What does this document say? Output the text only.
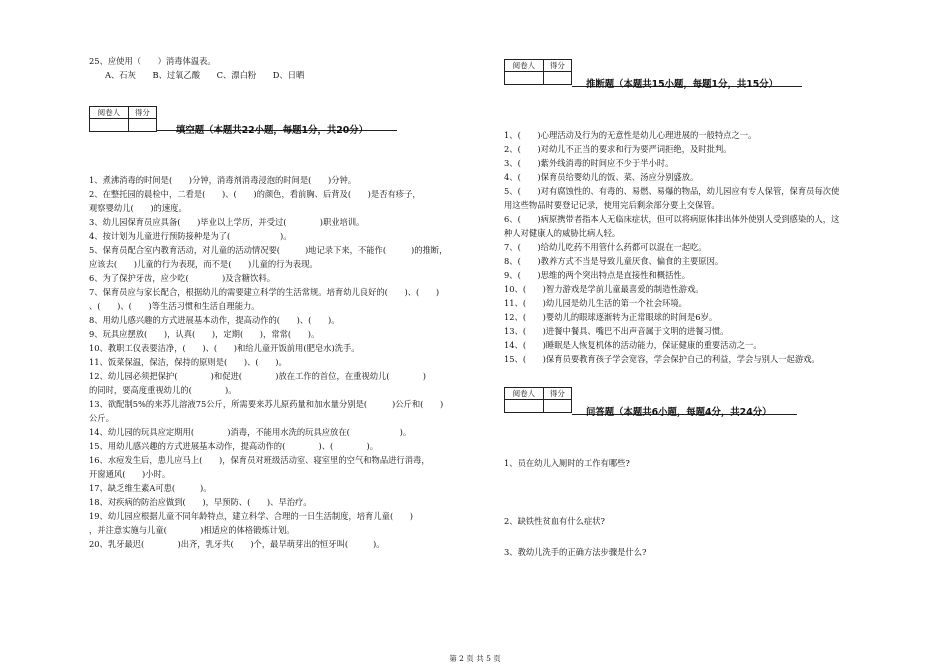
25、应使用（　　）消毒体温表。
A、石灰　　B、过氧乙酸　　C、漂白粉　　D、日晒
阅卷人	得分

填空题（本题共22小题，每题1分，共20分）
1、煮沸消毒的时间是(　　)分钟，消毒剂消毒浸泡的时间是(　　)分钟。
2、在整托园的晨检中，二看是(　　)、(　　)的颜色，看前胸、后背及(　　)是否有疹子，
观察婴幼儿(　　)的速度。
3、幼儿园保育员应具备(　　)毕业以上学历，并受过(　　　　)职业培训。
4、按计划为儿童进行预防接种是为了(　　　　　　)。
5、保育员配合室内教育活动，对儿童的活动情况要(　　　)地记录下来，不能作(　　　)的推断，
应该去(　　)儿童的行为表现，而不是(　　)儿童的行为表现。
6、为了保护牙齿，应少吃(　　　　)及含糖饮料。
7、保育员应与家长配合，根据幼儿的需要建立科学的生活常规。培育幼儿良好的(　　)、(　　)
、(　　)、(　　)等生活习惯和生活自理能力。
8、用幼儿感兴趣的方式进展基本动作，提高动作的(　　)、(　　)。
9、玩具应摆放(　　)，认真(　　)，定期(　　)，常常(　　)。
10、教职工仪表要洁净，(　　)、(　　)和给儿童开饭前用(肥皂水)洗手。
11、饭菜保温，保洁，保持的原则是(　　)、(　　)。
12、幼儿园必须把保护(　　　　)和促进(　　　　)放在工作的首位，在重视幼儿(　　　　)
的同时，要高度重视幼儿的(　　　　)。
13、欲配制5%的来苏儿溶液75公斤，所需要来苏儿原药量和加水量分别是(　　　)公斤和(　　)
公斤。
14、幼儿园的玩具应定期用(　　　　)消毒，不能用水洗的玩具应放在(　　　　　　)。
15、用幼儿感兴趣的方式进展基本动作，提高动作的(　　　　)、(　　　　)。
16、水痘发生后，患儿应马上(　　)，保育员对班级活动室、寝室里的空气和物品进行消毒，
开窗通风(　　)小时。
17、缺乏维生素A可患(　　　)。
18、对疾病的防治应做到(　　)，早预防、(　　)、早治疗。
19、幼儿园应根据儿童不同年龄特点，建立科学、合理的一日生活制度，培育儿童(　　)
，并注意实施与儿童(　　　　)相适应的体格锻炼计划。
20、乳牙最迟(　　　　)出齐，乳牙共(　　)个，最早萌芽出的恒牙叫(　　　)。
阅卷人	得分

推断题（本题共15小题，每题1分，共15分）
1、(　　)心理活动及行为的无意性是幼儿心理进展的一般特点之一。
2、(　　)对幼儿不正当的要求和行为要严词拒绝，及时批判。
3、(　　)紫外线消毒的时间应不少于半小时。
4、(　　)保育员给婴幼儿的饭、菜、汤应分别盛放。
5、(　　)对有腐蚀性的、有毒的、易燃、易爆的物品，幼儿园应有专人保管，保育员每次使
用这些物品时要登记记录，使用完后剩余部分要上交保管。
6、(　　)病原携带者指本人无临床症状，但可以将病原体排出体外使别人受到感染的人，这
种人对健康人的威胁比病人轻。
7、(　　)给幼儿吃药不用管什么药都可以混在一起吃。
8、(　　)教养方式不当是导致儿童厌食、偏食的主要原因。
9、(　　)思维的两个突出特点是直接性和概括性。
10、(　　)智力游戏是学前儿童最喜爱的制造性游戏。
11、(　　)幼儿园是幼儿生活的第一个社会环境。
12、(　　)婴幼儿的眼球逐渐转为正常眼球的时间是6岁。
13、(　　)进餐中餐具、嘴巴不出声音属于文明的进餐习惯。
14、(　　)睡眠是人恢复机体的活动能力，保证健康的重要活动之一。
15、(　　)保育员要教育孩子学会宽容，学会保护自己的利益，学会与别人一起游戏。
阅卷人	得分

问答题（本题共6小题，每题4分，共24分）
1、员在幼儿入厕时的工作有哪些?
2、缺铁性贫血有什么症状?
3、教幼儿洗手的正确方法步骤是什么?
第 2 页 共 5 页
